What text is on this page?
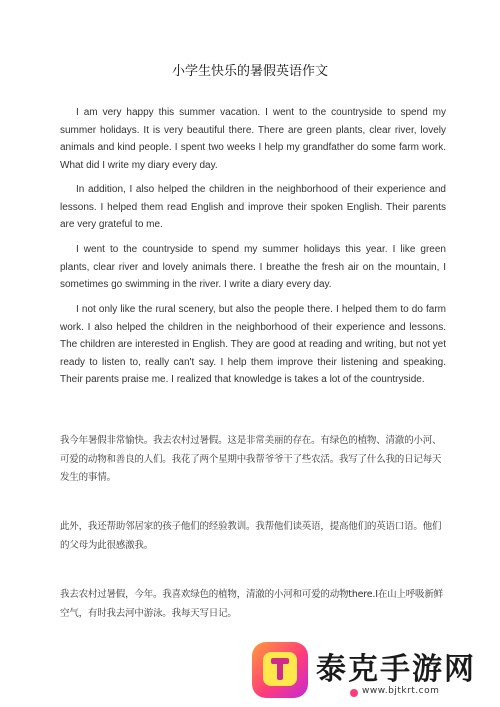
小学生快乐的暑假英语作文

I am very happy this summer vacation. I went to the countryside to spend my summer holidays. It is very beautiful there. There are green plants, clear river, lovely animals and kind people. I spent two weeks I help my grandfather do some farm work. What did I write my diary every day.

In addition, I also helped the children in the neighborhood of their experience and lessons. I helped them read English and improve their spoken English. Their parents are very grateful to me.

I went to the countryside to spend my summer holidays this year. I like green plants, clear river and lovely animals there. I breathe the fresh air on the mountain, I sometimes go swimming in the river. I write a diary every day.

I not only like the rural scenery, but also the people there. I helped them to do farm work. I also helped the children in the neighborhood of their experience and lessons. The children are interested in English. They are good at reading and writing, but not yet ready to listen to, really can't say. I help them improve their listening and speaking. Their parents praise me. I realized that knowledge is takes a lot of the countryside.

我今年暑假非常愉快。我去农村过暑假。这是非常美丽的存在。有绿色的植物、清澈的小河、可爱的动物和善良的人们。我花了两个星期中我帮爷爷干了些农活。我写了什么我的日记每天发生的事情。

此外，我还帮助邻居家的孩子他们的经验教训。我帮他们读英语，提高他们的英语口语。他们的父母为此很感激我。

我去农村过暑假，今年。我喜欢绿色的植物，清澈的小河和可爱的动物there.I在山上呼吸新鲜空气，有时我去河中游泳。我每天写日记。

泰克手游网
www.bjtkrt.com
